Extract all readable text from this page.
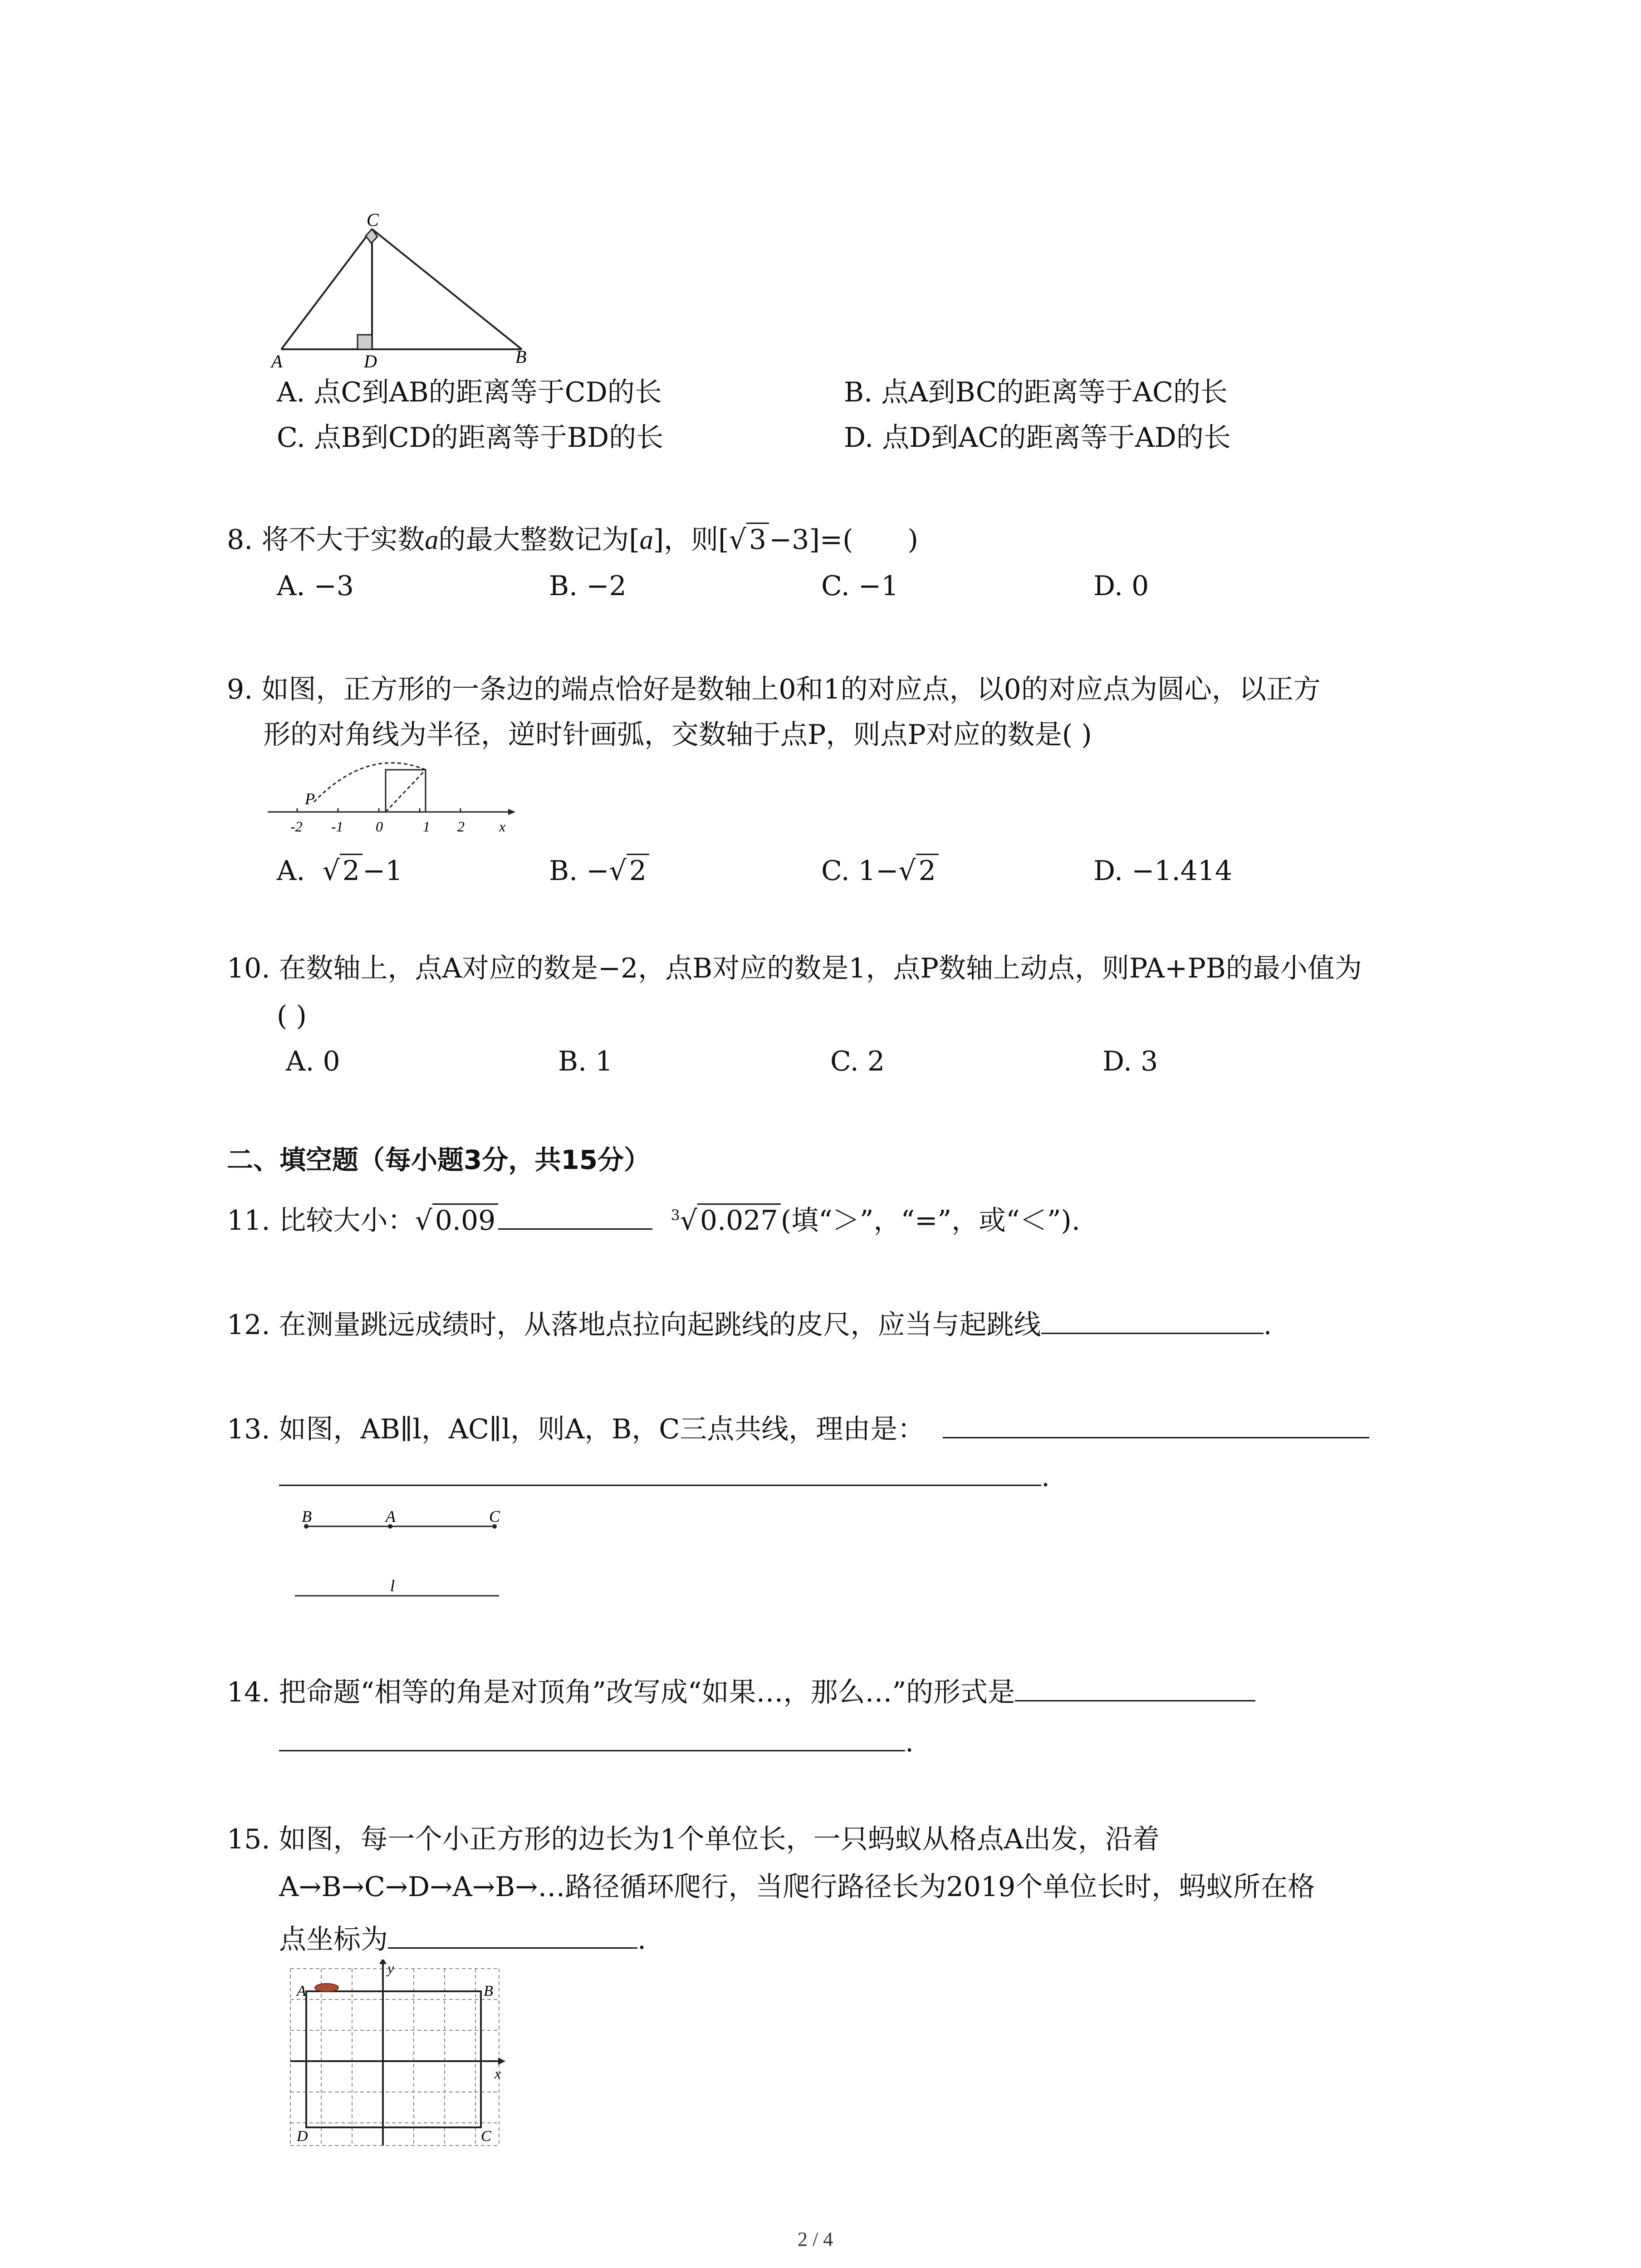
C
A	D	B
A. 点C到AB的距离等于CD的长	B. 点A到BC的距离等于AC的长
C. 点B到CD的距离等于BD的长	D. 点D到AC的距离等于AD的长
8. 将不大于实数a的最大整数记为[a]，则[√ 3 −3]=( )
A. −3	B. −2	C. −1	D. 0
9. 如图，正方形的一条边的端点恰好是数轴上0和1的对应点，以0的对应点为圆心，以正方
形的对角线为半径，逆时针画弧，交数轴于点P，则点P对应的数是( )
P
-2 -1 0	1 2 x
A. √ 2 −1	B. −√ 2	C. 1−√ 2	D. −1.414
10. 在数轴上，点A对应的数是−2，点B对应的数是1，点P数轴上动点，则PA+PB的最小值为
( )
A. 0	B. 1	C. 2	D. 3
二、填空题（每小题3分，共15分）
11. 比较大小：√ 0.09	$^3$√ 0.027 (填“＞”，“=”，或“＜”).
12. 在测量跳远成绩时，从落地点拉向起跳线的皮尺，应当与起跳线	.
13. 如图，AB∥l，AC∥l，则A，B，C三点共线，理由是：
.
B	A	C
l
14. 把命题“相等的角是对顶角”改写成“如果…，那么…”的形式是
.
15. 如图，每一个小正方形的边长为1个单位长，一只蚂蚁从格点A出发，沿着
A→B→C→D→A→B→…路径循环爬行，当爬行路径长为2019个单位长时，蚂蚁所在格
点坐标为	.
A	B
D	C
y
x
2 / 4
